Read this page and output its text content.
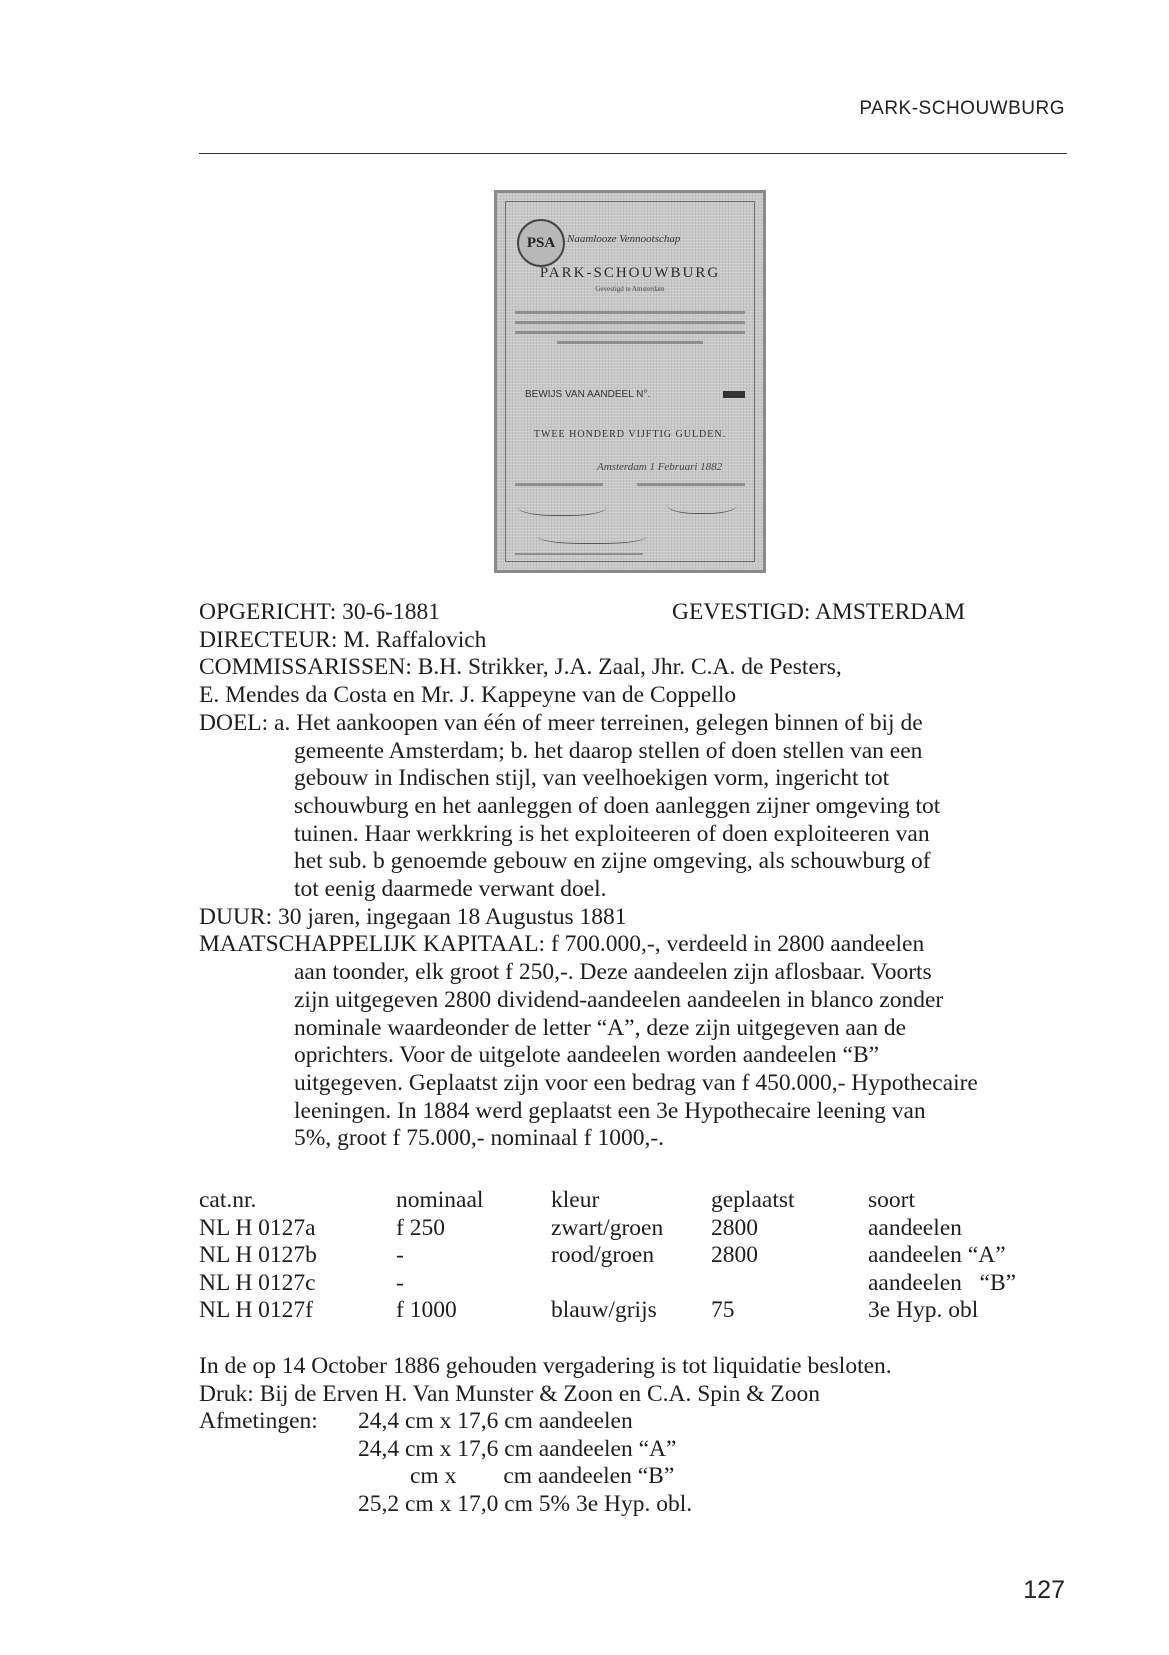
PARK-SCHOUWBURG
PSA	Naamlooze Vennootschap
PARK-SCHOUWBURG
Gevestigd te Amsterdam
BEWIJS VAN AANDEEL N°.
TWEE HONDERD VIJFTIG GULDEN.
Amsterdam 1 Februari 1882
OPGERICHT: 30-6-1881
DIRECTEUR: M. Raffalovich
COMMISSARISSEN: B.H. Strikker, J.A. Zaal, Jhr. C.A. de Pesters,
E. Mendes da Costa en Mr. J. Kappeyne van de Coppello
DOEL: a. Het aankoopen van één of meer terreinen, gelegen binnen of bij de
gemeente Amsterdam; b. het daarop stellen of doen stellen van een
gebouw in Indischen stijl, van veelhoekigen vorm, ingericht tot
schouwburg en het aanleggen of doen aanleggen zijner omgeving tot
tuinen. Haar werkkring is het exploiteeren of doen exploiteeren van
het sub. b genoemde gebouw en zijne omgeving, als schouwburg of
tot eenig daarmede verwant doel.
DUUR: 30 jaren, ingegaan 18 Augustus 1881
MAATSCHAPPELIJK KAPITAAL: f 700.000,-, verdeeld in 2800 aandeelen
aan toonder, elk groot f 250,-. Deze aandeelen zijn aflosbaar. Voorts
zijn uitgegeven 2800 dividend-aandeelen aandeelen in blanco zonder
nominale waardeonder de letter “A”, deze zijn uitgegeven aan de
oprichters. Voor de uitgelote aandeelen worden aandeelen “B”
uitgegeven. Geplaatst zijn voor een bedrag van f 450.000,- Hypothecaire
leeningen. In 1884 werd geplaatst een 3e Hypothecaire leening van
5%, groot f 75.000,- nominaal f 1000,-.
GEVESTIGD: AMSTERDAM
cat.nr.	nominaal	kleur	geplaatst	soort
NL H 0127a	f 250	zwart/groen	2800	aandeelen
NL H 0127b	-	rood/groen	2800	aandeelen “A”
NL H 0127c	-			aandeelen   “B”
NL H 0127f	f 1000	blauw/grijs	75	3e Hyp. obl
In de op 14 October 1886 gehouden vergadering is tot liquidatie besloten.
Druk: Bij de Erven H. Van Munster & Zoon en C.A. Spin & Zoon
Afmetingen:	24,4 cm x 17,6 cm aandeelen
24,4 cm x 17,6 cm aandeelen “A”
cm x        cm aandeelen “B”
25,2 cm x 17,0 cm 5% 3e Hyp. obl.
127
